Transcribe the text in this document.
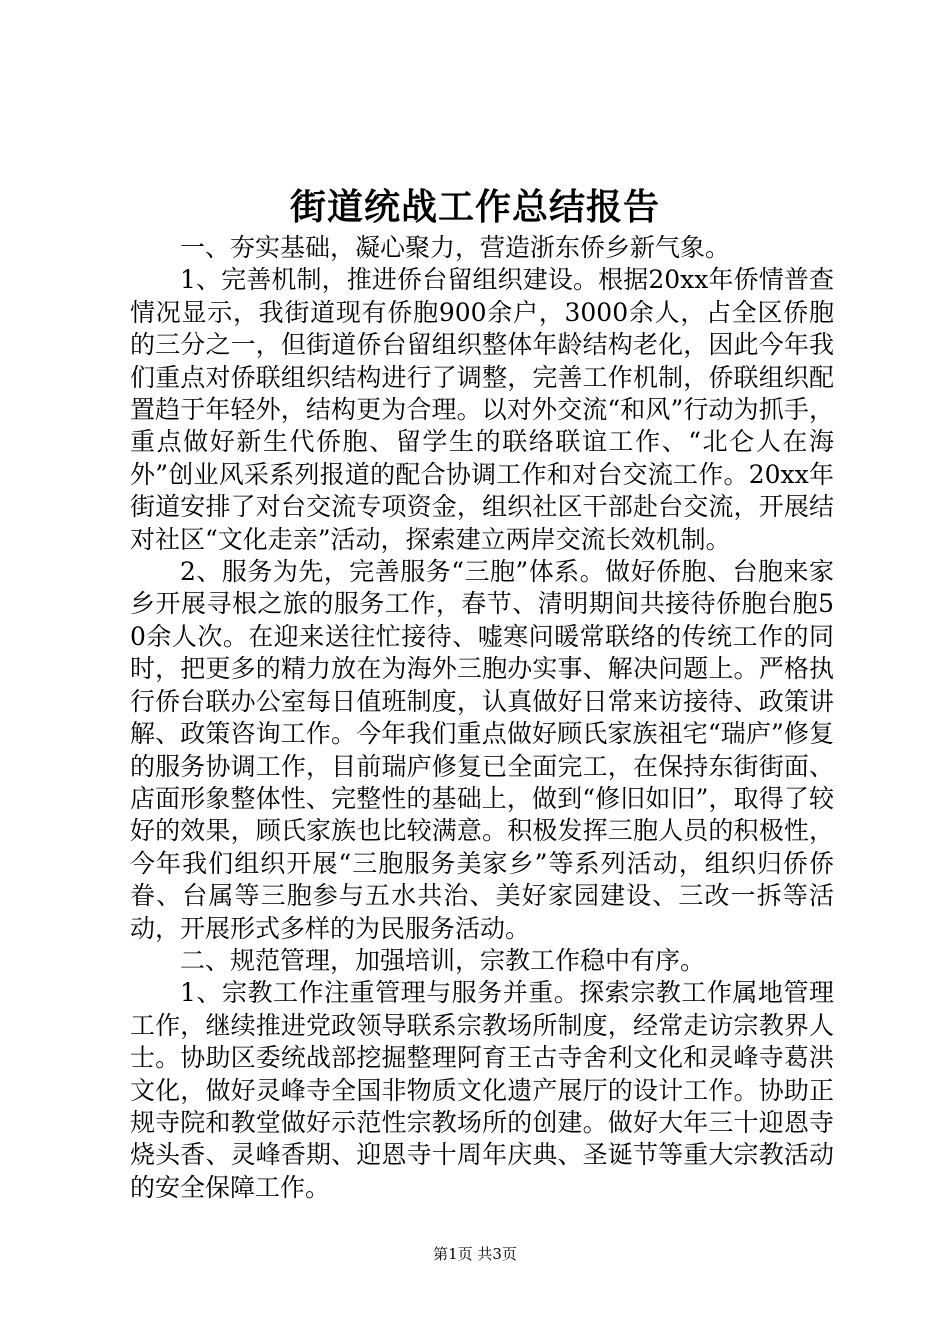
街道统战工作总结报告

一、夯实基础，凝心聚力，营造浙东侨乡新气象。

1、完善机制，推进侨台留组织建设。根据20xx年侨情普查情况显示，我街道现有侨胞900余户，3000余人，占全区侨胞的三分之一，但街道侨台留组织整体年龄结构老化，因此今年我们重点对侨联组织结构进行了调整，完善工作机制，侨联组织配置趋于年轻外，结构更为合理。以对外交流“和风”行动为抓手，重点做好新生代侨胞、留学生的联络联谊工作、“北仑人在海外”创业风采系列报道的配合协调工作和对台交流工作。20xx年街道安排了对台交流专项资金，组织社区干部赴台交流，开展结对社区“文化走亲”活动，探索建立两岸交流长效机制。

2、服务为先，完善服务“三胞”体系。做好侨胞、台胞来家乡开展寻根之旅的服务工作，春节、清明期间共接待侨胞台胞50余人次。在迎来送往忙接待、嘘寒问暖常联络的传统工作的同时，把更多的精力放在为海外三胞办实事、解决问题上。严格执行侨台联办公室每日值班制度，认真做好日常来访接待、政策讲解、政策咨询工作。今年我们重点做好顾氏家族祖宅“瑞庐”修复的服务协调工作，目前瑞庐修复已全面完工，在保持东街街面、店面形象整体性、完整性的基础上，做到“修旧如旧”，取得了较好的效果，顾氏家族也比较满意。积极发挥三胞人员的积极性，今年我们组织开展“三胞服务美家乡”等系列活动，组织归侨侨眷、台属等三胞参与五水共治、美好家园建设、三改一拆等活动，开展形式多样的为民服务活动。

二、规范管理，加强培训，宗教工作稳中有序。

1、宗教工作注重管理与服务并重。探索宗教工作属地管理工作，继续推进党政领导联系宗教场所制度，经常走访宗教界人士。协助区委统战部挖掘整理阿育王古寺舍利文化和灵峰寺葛洪文化，做好灵峰寺全国非物质文化遗产展厅的设计工作。协助正规寺院和教堂做好示范性宗教场所的创建。做好大年三十迎恩寺烧头香、灵峰香期、迎恩寺十周年庆典、圣诞节等重大宗教活动的安全保障工作。

第1页 共3页
